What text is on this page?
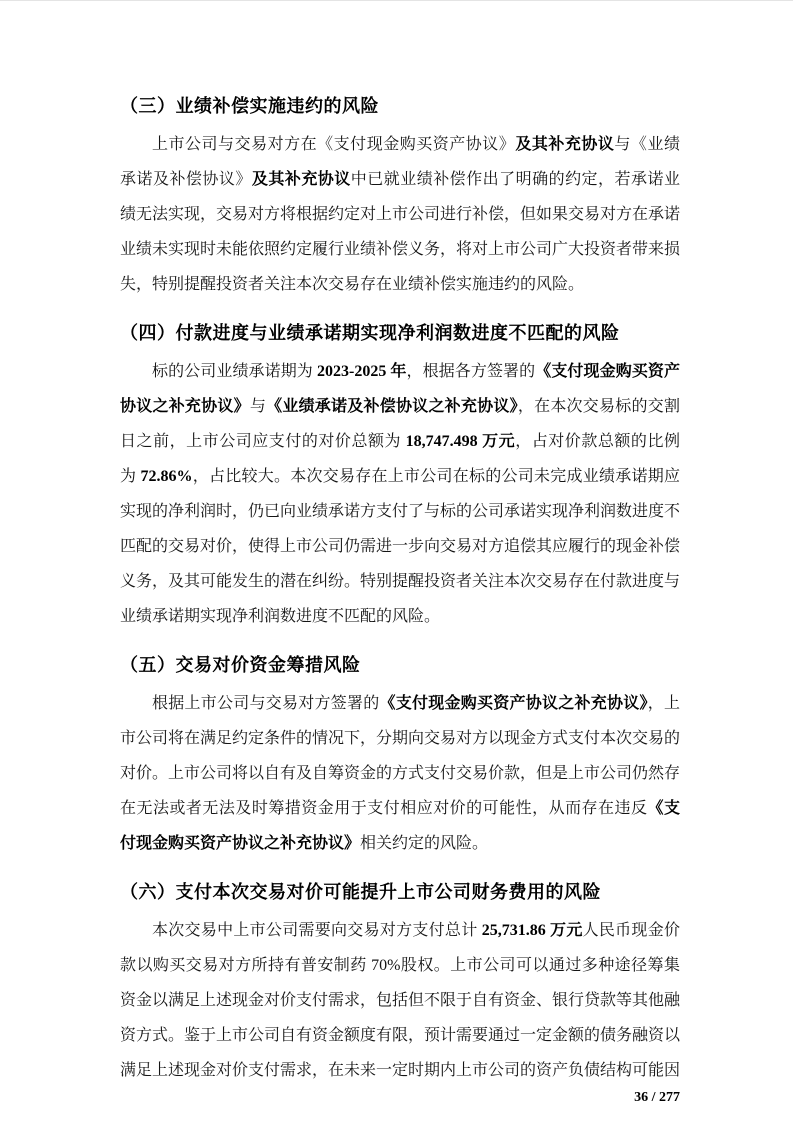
（三）业绩补偿实施违约的风险

上市公司与交易对方在《支付现金购买资产协议》及其补充协议与《业绩承诺及补偿协议》及其补充协议中已就业绩补偿作出了明确的约定，若承诺业绩无法实现，交易对方将根据约定对上市公司进行补偿，但如果交易对方在承诺业绩未实现时未能依照约定履行业绩补偿义务，将对上市公司广大投资者带来损失，特别提醒投资者关注本次交易存在业绩补偿实施违约的风险。

（四）付款进度与业绩承诺期实现净利润数进度不匹配的风险

标的公司业绩承诺期为 2023-2025 年，根据各方签署的《支付现金购买资产协议之补充协议》与《业绩承诺及补偿协议之补充协议》，在本次交易标的交割日之前，上市公司应支付的对价总额为 18,747.498 万元，占对价款总额的比例为 72.86%，占比较大。本次交易存在上市公司在标的公司未完成业绩承诺期应实现的净利润时，仍已向业绩承诺方支付了与标的公司承诺实现净利润数进度不匹配的交易对价，使得上市公司仍需进一步向交易对方追偿其应履行的现金补偿义务，及其可能发生的潜在纠纷。特别提醒投资者关注本次交易存在付款进度与业绩承诺期实现净利润数进度不匹配的风险。

（五）交易对价资金筹措风险

根据上市公司与交易对方签署的《支付现金购买资产协议之补充协议》，上市公司将在满足约定条件的情况下，分期向交易对方以现金方式支付本次交易的对价。上市公司将以自有及自筹资金的方式支付交易价款，但是上市公司仍然存在无法或者无法及时筹措资金用于支付相应对价的可能性，从而存在违反《支付现金购买资产协议之补充协议》相关约定的风险。

（六）支付本次交易对价可能提升上市公司财务费用的风险

本次交易中上市公司需要向交易对方支付总计 25,731.86 万元人民币现金价款以购买交易对方所持有普安制药 70%股权。上市公司可以通过多种途径筹集资金以满足上述现金对价支付需求，包括但不限于自有资金、银行贷款等其他融资方式。鉴于上市公司自有资金额度有限，预计需要通过一定金额的债务融资以满足上述现金对价支付需求，在未来一定时期内上市公司的资产负债结构可能因

36 / 277
